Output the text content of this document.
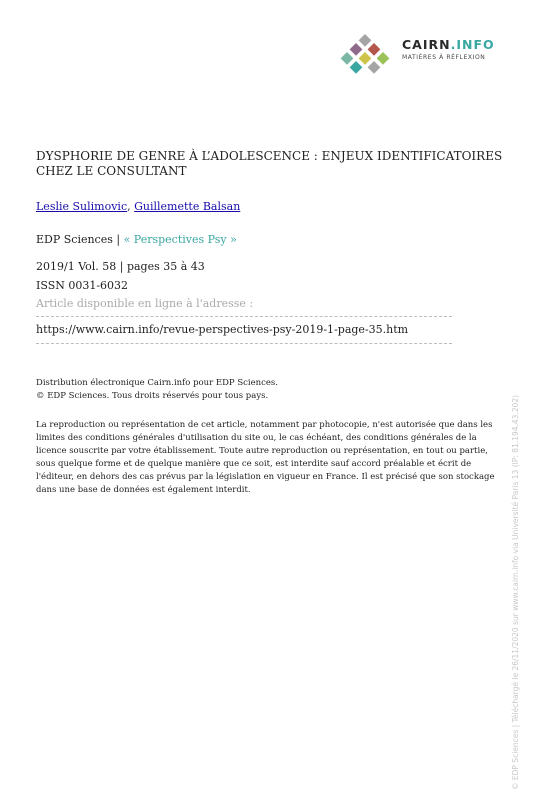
CAIRN.INFO
MATIÈRES À RÉFLEXION
DYSPHORIE DE GENRE À L’ADOLESCENCE : ENJEUX IDENTIFICATOIRES
CHEZ LE CONSULTANT
Leslie Sulimovic, Guillemette Balsan
EDP Sciences | « Perspectives Psy »
2019/1 Vol. 58 | pages 35 à 43
ISSN 0031-6032
Article disponible en ligne à l'adresse :
https://www.cairn.info/revue-perspectives-psy-2019-1-page-35.htm
Distribution électronique Cairn.info pour EDP Sciences.
© EDP Sciences. Tous droits réservés pour tous pays.
La reproduction ou représentation de cet article, notamment par photocopie, n'est autorisée que dans les limites des conditions générales d'utilisation du site ou, le cas échéant, des conditions générales de la licence souscrite par votre établissement. Toute autre reproduction ou représentation, en tout ou partie, sous quelque forme et de quelque manière que ce soit, est interdite sauf accord préalable et écrit de l'éditeur, en dehors des cas prévus par la législation en vigueur en France. Il est précisé que son stockage dans une base de données est également interdit.	© EDP Sciences | Téléchargé le 26/11/2020 sur www.cairn.info via Université Paris 13 (IP: 81.194.43.202)
